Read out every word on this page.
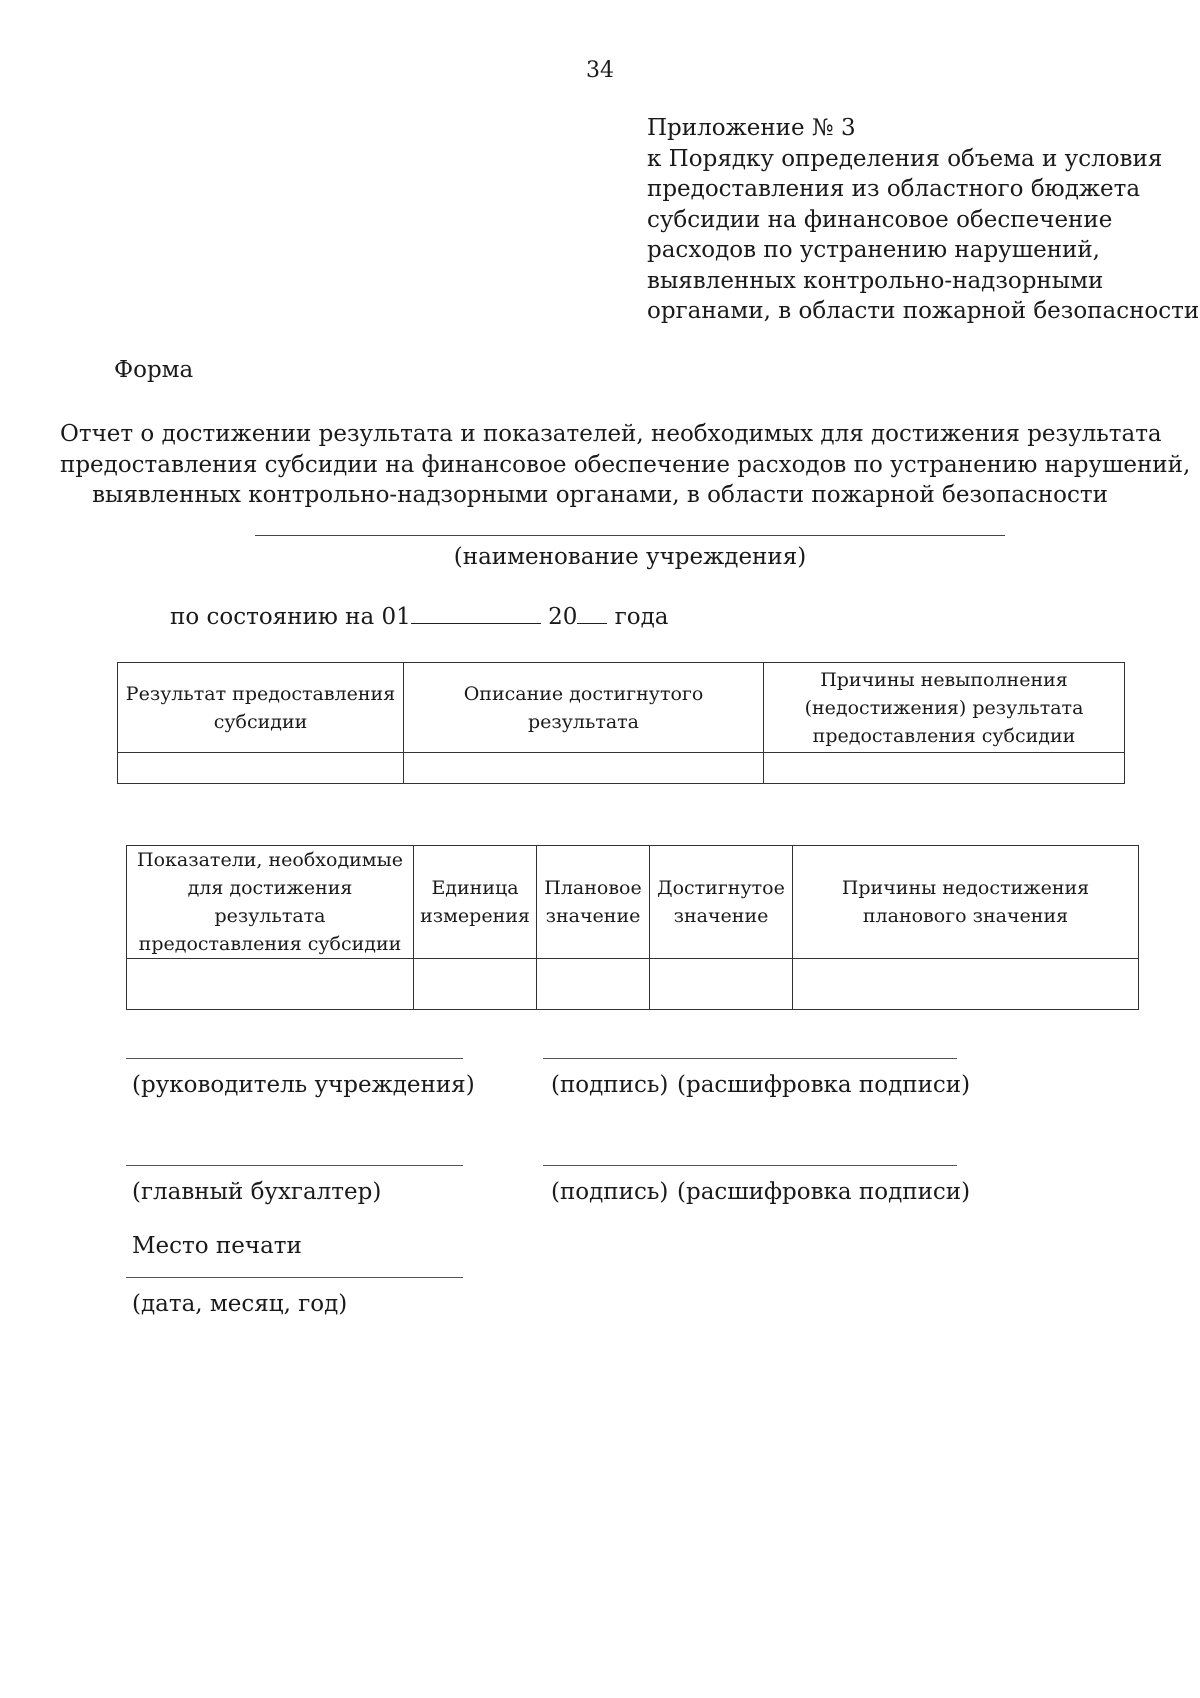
34
Приложение № 3
к Порядку определения объема и условия
предоставления из областного бюджета
субсидии на финансовое обеспечение
расходов по устранению нарушений,
выявленных контрольно-надзорными
органами, в области пожарной безопасности
Форма
Отчет о достижении результата и показателей, необходимых для достижения результата
предоставления субсидии на финансовое обеспечение расходов по устранению нарушений,
выявленных контрольно-надзорными органами, в области пожарной безопасности
(наименование учреждения)
по состоянию на 01	20 года
Результат предоставления субсидии	Описание достигнутого результата	Причины невыполнения (недостижения) результата предоставления субсидии

Показатели, необходимые для достижения результата предоставления субсидии	Единица измерения	Плановое значение	Достигнутое значение	Причины недостижения планового значения

(руководитель учреждения)	(подпись) (расшифровка подписи)
(главный бухгалтер)	(подпись) (расшифровка подписи)
Место печати
(дата, месяц, год)
